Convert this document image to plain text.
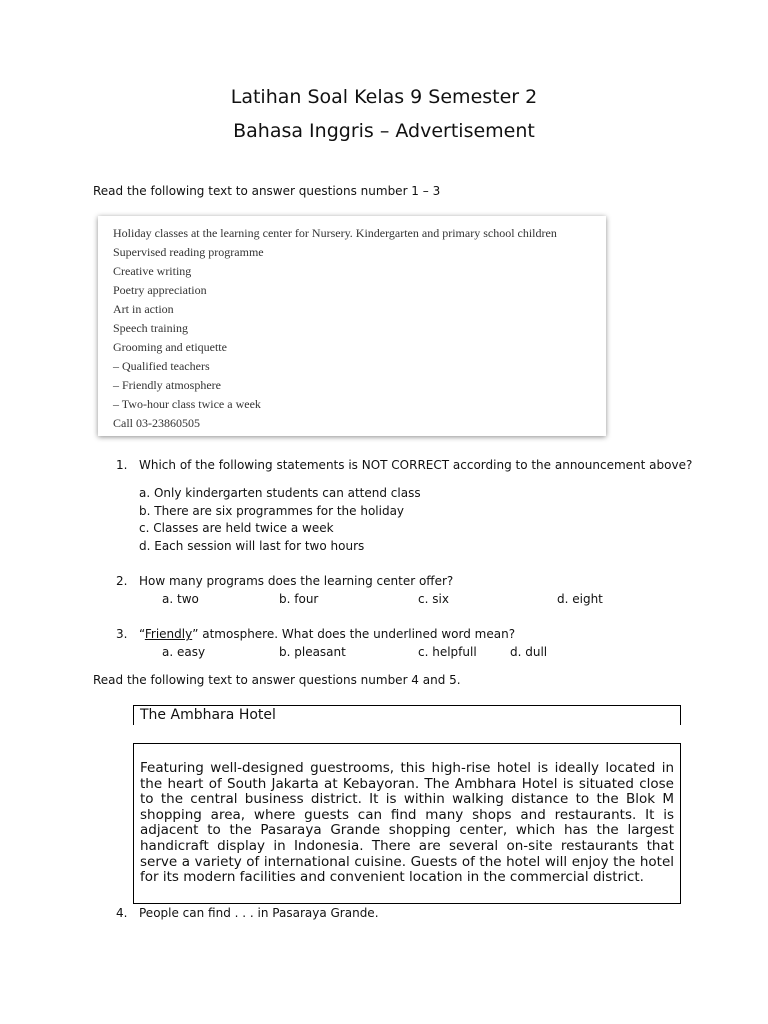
Latihan Soal Kelas 9 Semester 2
Bahasa Inggris – Advertisement
Read the following text to answer questions number 1 – 3
Holiday classes at the learning center for Nursery. Kindergarten and primary school children
Supervised reading programme
Creative writing
Poetry appreciation
Art in action
Speech training
Grooming and etiquette
– Qualified teachers
– Friendly atmosphere
– Two-hour class twice a week
Call 03-23860505
1. Which of the following statements is NOT CORRECT according to the announcement above?
a. Only kindergarten students can attend class
b. There are six programmes for the holiday
c. Classes are held twice a week
d. Each session will last for two hours
2. How many programs does the learning center offer?
a. two	b. four	c. six	d. eight
3. “Friendly” atmosphere. What does the underlined word mean?
a. easy	b. pleasant	c. helpfull	d. dull
Read the following text to answer questions number 4 and 5.
The Ambhara Hotel
Featuring well-designed guestrooms, this high-rise hotel is ideally located in the heart of South Jakarta at Kebayoran. The Ambhara Hotel is situated close to the central business district. It is within walking distance to the Blok M shopping area, where guests can find many shops and restaurants. It is adjacent to the Pasaraya Grande shopping center, which has the largest handicraft display in Indonesia. There are several on-site restaurants that serve a variety of international cuisine. Guests of the hotel will enjoy the hotel for its modern facilities and convenient location in the commercial district.
4. People can find . . . in Pasaraya Grande.
